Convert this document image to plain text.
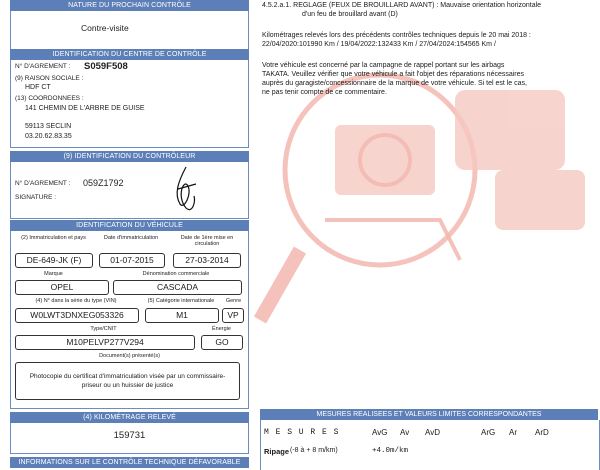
NATURE DU PROCHAIN CONTRÔLE
Contre-visite
IDENTIFICATION DU CENTRE DE CONTRÔLE
N° D'AGREMENT : S059F508
(9) RAISON SOCIALE :
HDF CT
(13) COORDONNEES :
141 CHEMIN DE L'ARBRE DE GUISE
59113 SECLIN
03.20.62.83.35
(9) IDENTIFICATION DU CONTRÔLEUR
N° D'AGREMENT : 059Z1792
SIGNATURE :
IDENTIFICATION DU VÉHICULE
(2) Immatriculation et pays	Date d'immatriculation	Date de 1ère mise en circulation
DE-649-JK (F)	01-07-2015	27-03-2014
Marque	Dénomination commerciale
OPEL	CASCADA
(4) N° dans la série du type (VIN)	(5) Catégorie internationale	Genre
W0LWT3DNXEG053326	M1	VP
Type/CNIT	Énergie
M10PELVP277V294	GO
Document(s) présenté(s)
Photocopie du certificat d'immatriculation visée par un commissaire-priseur ou un huissier de justice
(4) KILOMÉTRAGE RELEVÉ
159731
INFORMATIONS SUR LE CONTRÔLE TECHNIQUE DÉFAVORABLE
4.5.2.a.1. REGLAGE (FEUX DE BROUILLARD AVANT) : Mauvaise orientation horizontale
d'un feu de brouillard avant (D)
Kilométrages relevés lors des précédents contrôles techniques depuis le 20 mai 2018 :
22/04/2020:101990 Km / 19/04/2022:132433 Km / 27/04/2024:154565 Km /
Votre véhicule est concerné par la campagne de rappel portant sur les airbags
TAKATA. Veuillez vérifier que votre véhicule a fait l'objet des réparations nécessaires
auprès du garagiste/concessionnaire de la marque de votre véhicule. Si tel est le cas,
ne pas tenir compte de ce commentaire.
MESURES REALISEES ET VALEURS LIMITES CORRESPONDANTES
M E S U R E S	AvG Av AvD	ArG Ar ArD
Ripage (-8 à + 8 m/km)	+4.0m/km
